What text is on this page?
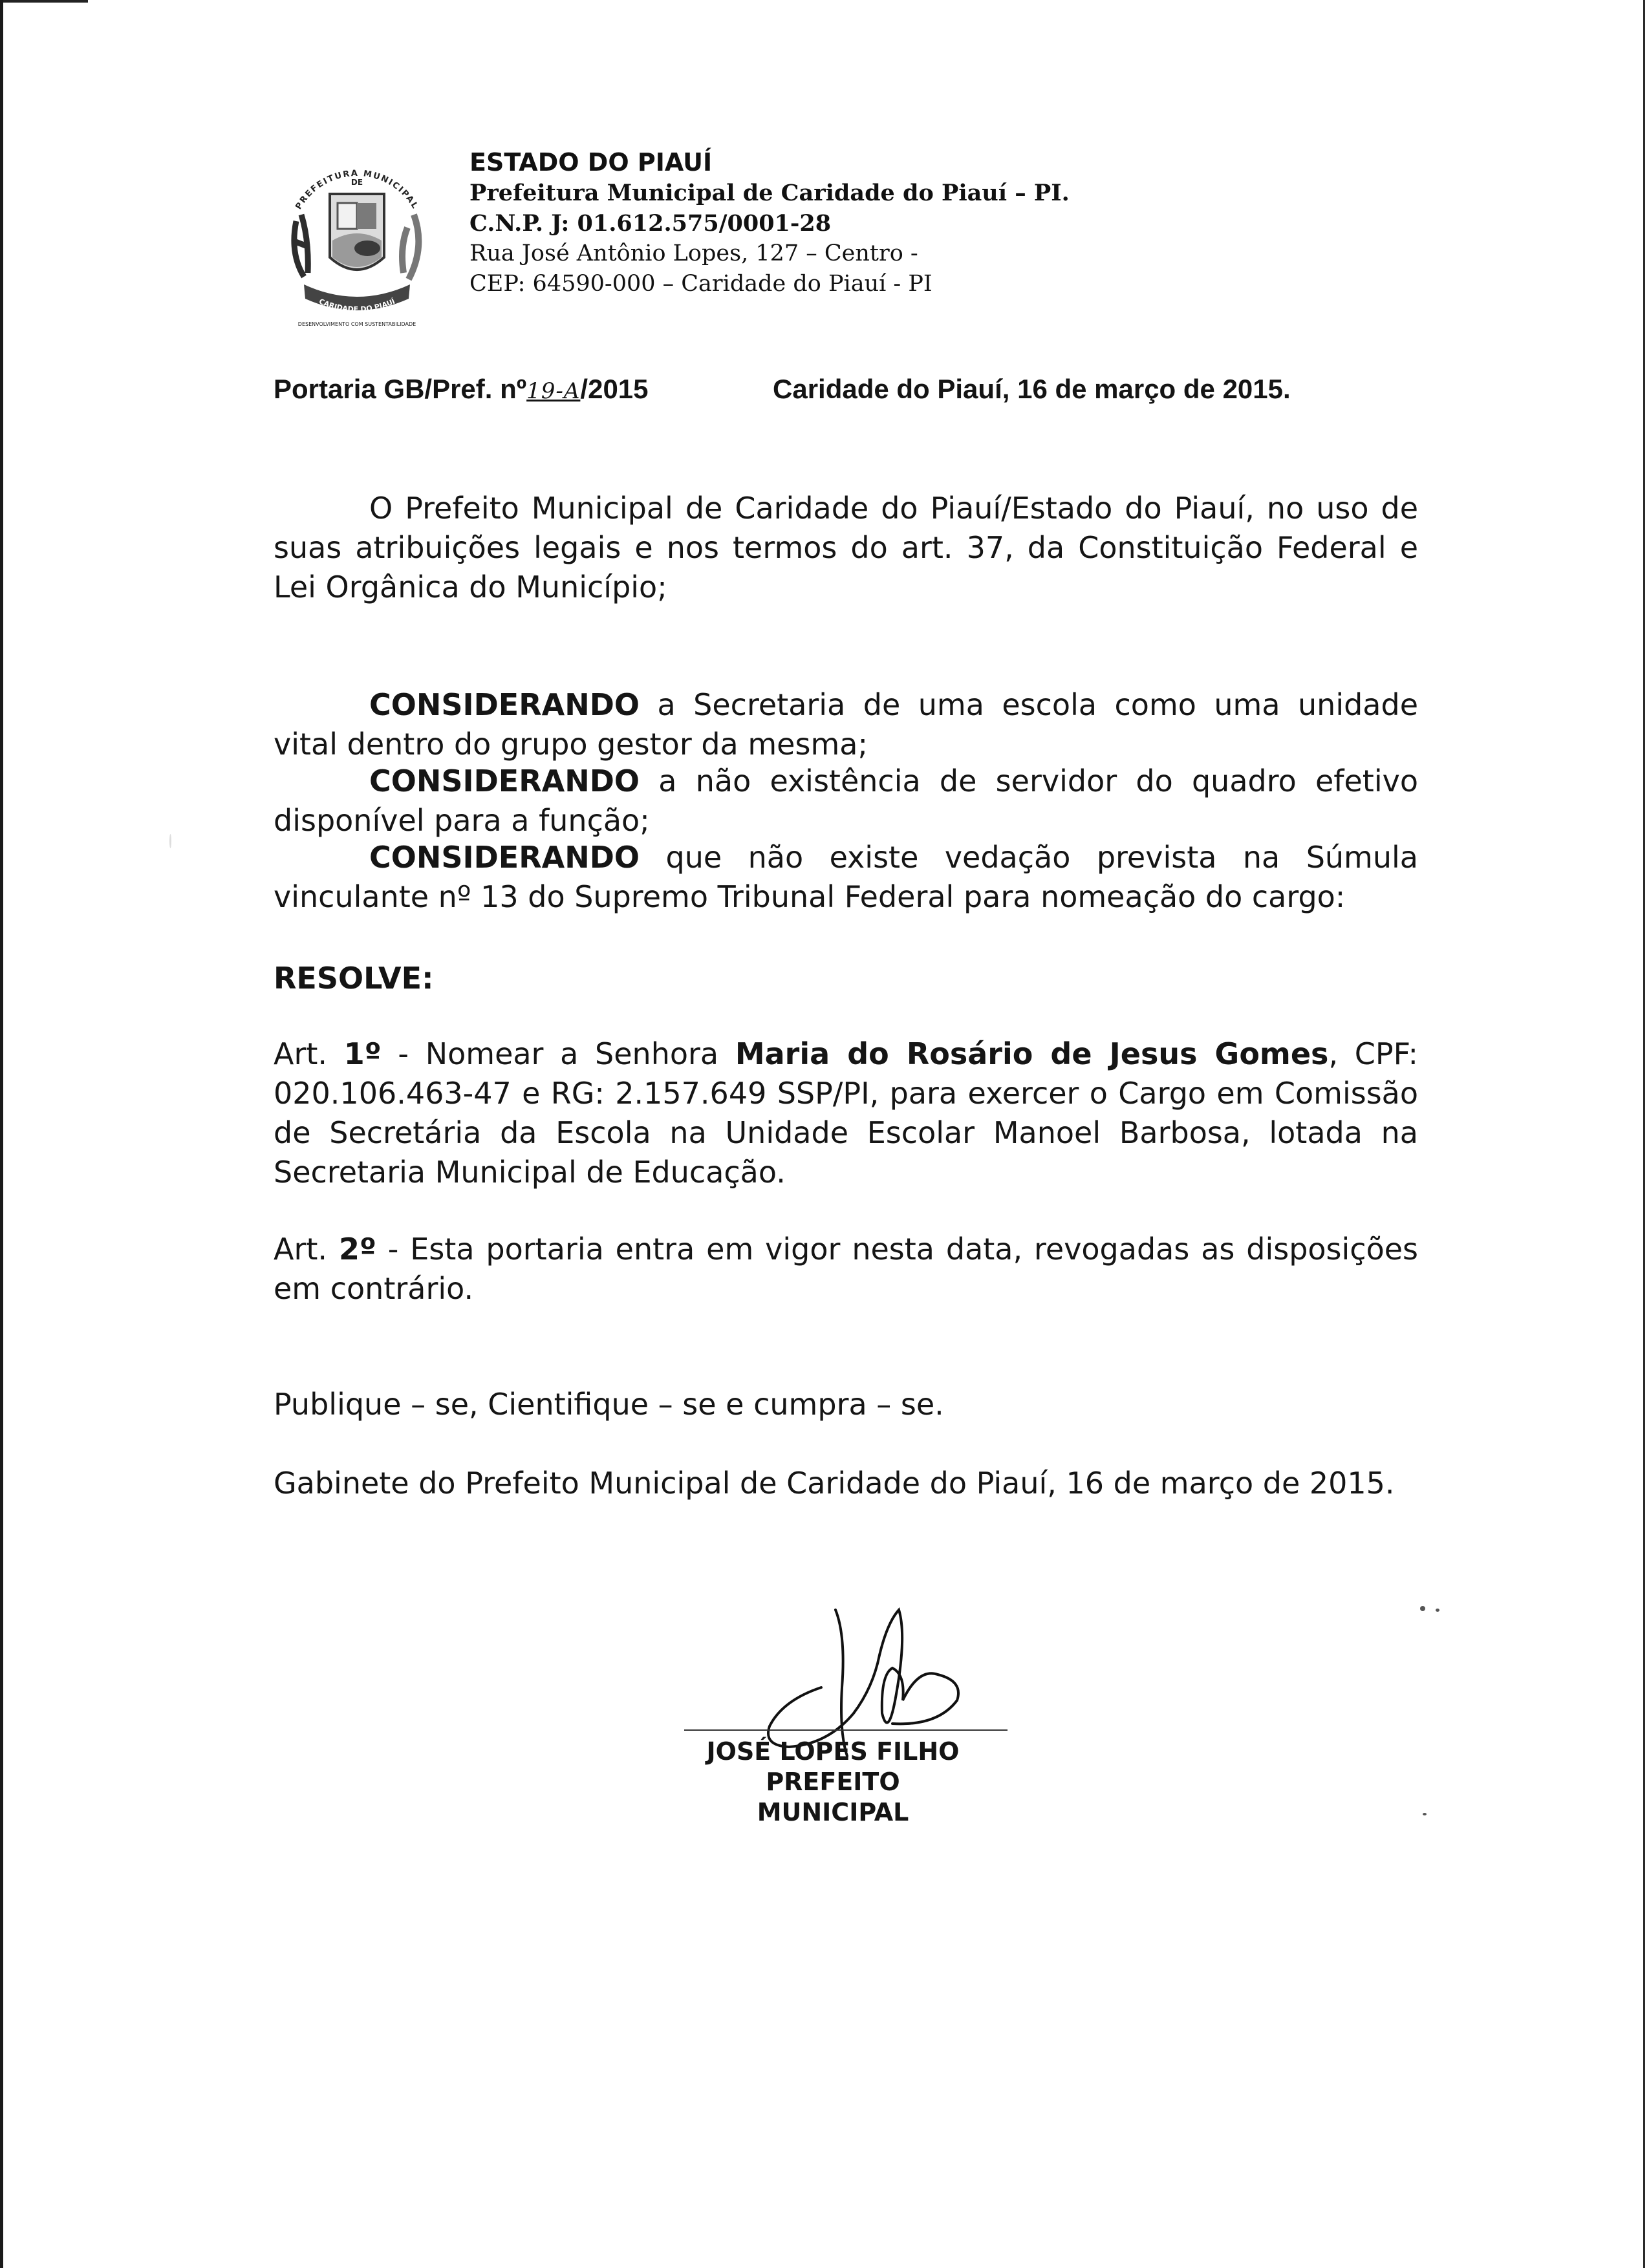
PREFEITURA MUNICIPAL
DE
CARIDADE DO PIAUÍ
DESENVOLVIMENTO COM SUSTENTABILIDADE
ESTADO DO PIAUÍ
Prefeitura Municipal de Caridade do Piauí – PI.
C.N.P. J: 01.612.575/0001-28
Rua José Antônio Lopes, 127 – Centro -
CEP: 64590-000 – Caridade do Piauí - PI
Portaria GB/Pref. nº19-A/2015	Caridade do Piauí, 16 de março de 2015.
O Prefeito Municipal de Caridade do Piauí/Estado do Piauí, no uso de suas atribuições legais e nos termos do art. 37, da Constituição Federal e Lei Orgânica do Município;
CONSIDERANDO a Secretaria de uma escola como uma unidade vital dentro do grupo gestor da mesma;
CONSIDERANDO a não existência de servidor do quadro efetivo disponível para a função;
CONSIDERANDO que não existe vedação prevista na Súmula vinculante nº 13 do Supremo Tribunal Federal para nomeação do cargo:
RESOLVE:
Art. 1º - Nomear a Senhora Maria do Rosário de Jesus Gomes, CPF: 020.106.463-47 e RG: 2.157.649 SSP/PI, para exercer o Cargo em Comissão de Secretária da Escola na Unidade Escolar Manoel Barbosa, lotada na Secretaria Municipal de Educação.
Art. 2º - Esta portaria entra em vigor nesta data, revogadas as disposições em contrário.
Publique – se, Cientifique – se e cumpra – se.
Gabinete do Prefeito Municipal de Caridade do Piauí, 16 de março de 2015.
JOSÉ LOPES FILHO
PREFEITO MUNICIPAL
